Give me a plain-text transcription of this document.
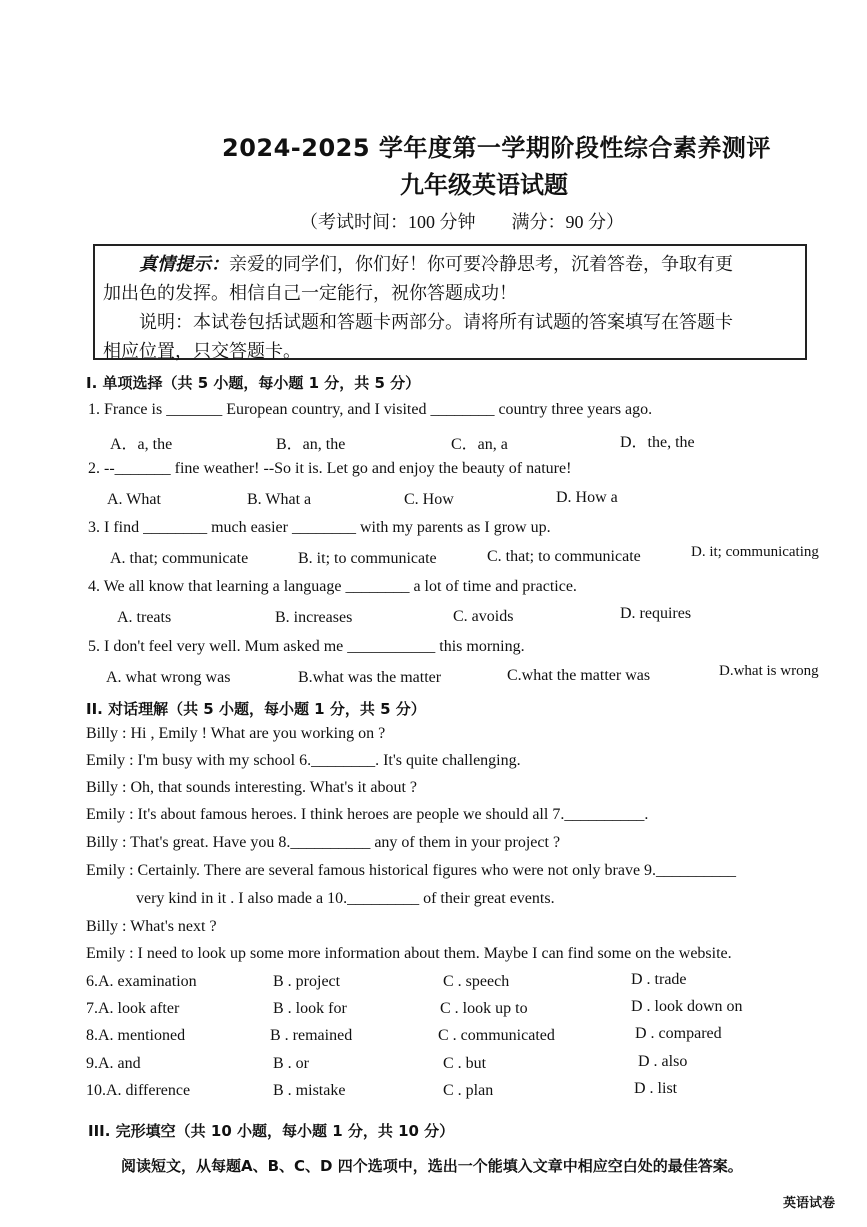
2024-2025 学年度第一学期阶段性综合素养测评
九年级英语试题
（考试时间：100 分钟　　满分：90 分）
真情提示：亲爱的同学们，你们好！你可要冷静思考，沉着答卷，争取有更
加出色的发挥。相信自己一定能行，祝你答题成功！
说明：本试卷包括试题和答题卡两部分。请将所有试题的答案填写在答题卡
相应位置，只交答题卡。
I. 单项选择（共 5 小题，每小题 1 分，共 5 分）
1. France is _______ European country, and I visited ________ country three years ago.
A．a, the	B．an, the	C．an, a	D．the, the
2. --_______ fine weather! --So it is. Let go and enjoy the beauty of nature!
A. What	B. What a	C. How	D. How a
3. I find ________ much easier ________ with my parents as I grow up.
A. that; communicate	B. it; to communicate	C. that; to communicate	D. it; communicating
4. We all know that learning a language ________ a lot of time and practice.
A. treats	B. increases	C. avoids	D. requires
5. I don't feel very well. Mum asked me ___________ this morning.
A. what wrong was	B.what was the matter	C.what the matter was	D.what is wrong
II. 对话理解（共 5 小题，每小题 1 分，共 5 分）
Billy : Hi , Emily ! What are you working on ?
Emily : I'm busy with my school 6.________. It's quite challenging.
Billy : Oh, that sounds interesting. What's it about ?
Emily : It's about famous heroes. I think heroes are people we should all 7.__________.
Billy : That's great. Have you 8.__________ any of them in your project ?
Emily : Certainly. There are several famous historical figures who were not only brave 9.__________
very kind in it . I also made a 10._________ of their great events.
Billy : What's next ?
Emily : I need to look up some more information about them. Maybe I can find some on the website.
6.A. examination	B . project	C . speech	D . trade
7.A. look after	B . look for	C . look up to	D . look down on
8.A. mentioned	B . remained	C . communicated	D . compared
9.A. and	B . or	C . but	D . also
10.A. difference	B . mistake	C . plan	D . list
III. 完形填空（共 10 小题，每小题 1 分，共 10 分）
阅读短文，从每题A、B、C、D 四个选项中，选出一个能填入文章中相应空白处的最佳答案。
英语试卷
